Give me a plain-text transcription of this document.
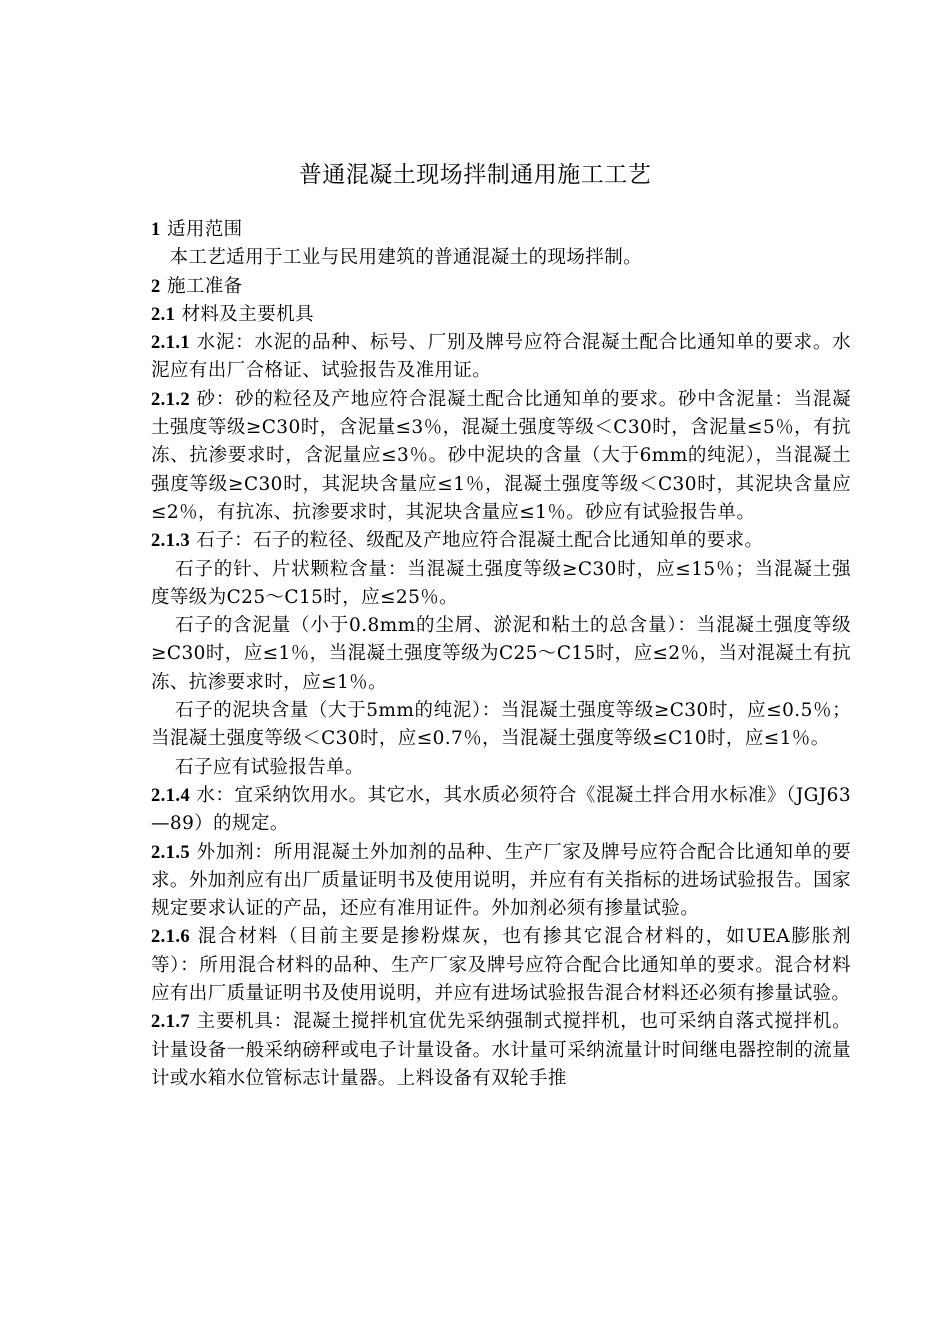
普通混凝土现场拌制通用施工工艺

1 适用范围

本工艺适用于工业与民用建筑的普通混凝土的现场拌制。

2 施工准备

2.1 材料及主要机具

2.1.1 水泥：水泥的品种、标号、厂别及牌号应符合混凝土配合比通知单的要求。水泥应有出厂合格证、试验报告及准用证。

2.1.2 砂：砂的粒径及产地应符合混凝土配合比通知单的要求。砂中含泥量：当混凝土强度等级≥C30时，含泥量≤3％，混凝土强度等级＜C30时，含泥量≤5％，有抗冻、抗渗要求时，含泥量应≤3％。砂中泥块的含量（大于6mm的纯泥），当混凝土强度等级≥C30时，其泥块含量应≤1％，混凝土强度等级＜C30时，其泥块含量应≤2％，有抗冻、抗渗要求时，其泥块含量应≤1％。砂应有试验报告单。

2.1.3 石子：石子的粒径、级配及产地应符合混凝土配合比通知单的要求。

石子的针、片状颗粒含量：当混凝土强度等级≥C30时，应≤15％；当混凝土强度等级为C25～C15时，应≤25％。

石子的含泥量（小于0.8mm的尘屑、淤泥和粘土的总含量）：当混凝土强度等级≥C30时，应≤1％，当混凝土强度等级为C25～C15时，应≤2％，当对混凝土有抗冻、抗渗要求时，应≤1％。

石子的泥块含量（大于5mm的纯泥）：当混凝土强度等级≥C30时，应≤0.5％；当混凝土强度等级＜C30时，应≤0.7％，当混凝土强度等级≤C10时，应≤1％。

石子应有试验报告单。

2.1.4 水：宜采纳饮用水。其它水，其水质必须符合《混凝土拌合用水标准》（JGJ63—89）的规定。

2.1.5 外加剂：所用混凝土外加剂的品种、生产厂家及牌号应符合配合比通知单的要求。外加剂应有出厂质量证明书及使用说明，并应有有关指标的进场试验报告。国家规定要求认证的产品，还应有准用证件。外加剂必须有掺量试验。

2.1.6 混合材料（目前主要是掺粉煤灰，也有掺其它混合材料的，如UEA膨胀剂等）：所用混合材料的品种、生产厂家及牌号应符合配合比通知单的要求。混合材料应有出厂质量证明书及使用说明，并应有进场试验报告混合材料还必须有掺量试验。

2.1.7 主要机具：混凝土搅拌机宜优先采纳强制式搅拌机，也可采纳自落式搅拌机。计量设备一般采纳磅秤或电子计量设备。水计量可采纳流量计时间继电器控制的流量计或水箱水位管标志计量器。上料设备有双轮手推
